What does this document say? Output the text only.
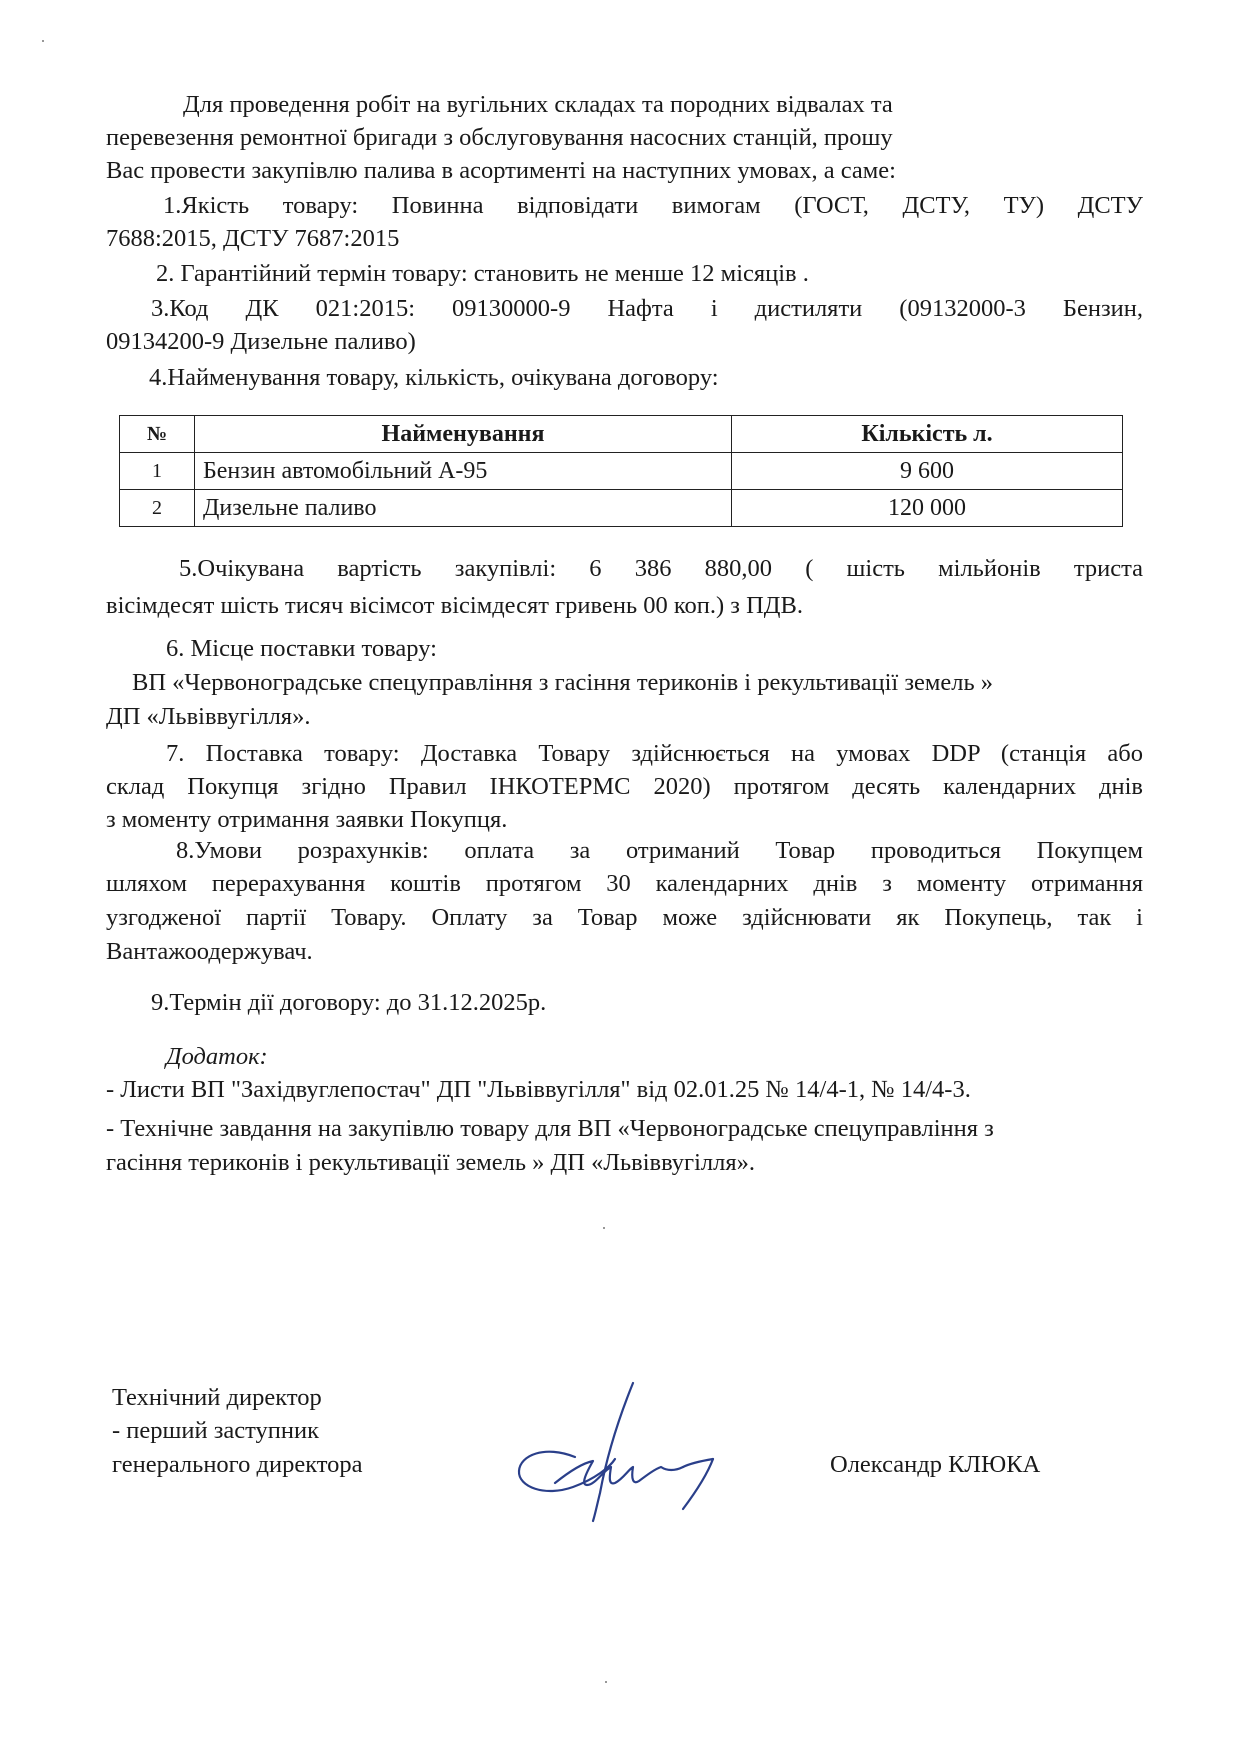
Для проведення робіт на вугільних складах та породних відвалах та
перевезення ремонтної бригади з обслуговування насосних станцій, прошу
Вас провести закупівлю палива в асортименті на наступних умовах, а саме:
1.Якість товару: Повинна відповідати вимогам (ГОСТ, ДСТУ, ТУ) ДСТУ
7688:2015, ДСТУ 7687:2015
2. Гарантійний термін товару: становить не менше 12 місяців .
3.Код ДК 021:2015: 09130000-9 Нафта і дистиляти (09132000-3 Бензин,
09134200-9 Дизельне паливо)
4.Найменування товару, кількість, очікувана договору:
№	Найменування	Кількість л.
1	Бензин автомобільний А-95	9 600
2	Дизельне паливо	120 000
5.Очікувана вартість закупівлі: 6 386 880,00 ( шість мільйонів триста
вісімдесят шість тисяч вісімсот вісімдесят гривень 00 коп.) з ПДВ.
6. Місце поставки товару:
ВП «Червоноградське спецуправління з гасіння териконів і рекультивації земель »
ДП «Львіввугілля».
7. Поставка товару: Доставка Товару здійснюється на умовах DDP (станція або
склад Покупця згідно Правил ІНКОТЕРМС 2020) протягом десять календарних днів
з моменту отримання заявки Покупця.
8.Умови розрахунків: оплата за отриманий Товар проводиться Покупцем
шляхом перерахування коштів протягом 30 календарних днів з моменту отримання
узгодженої партії Товару. Оплату за Товар може здійснювати як Покупець, так і
Вантажоодержувач.
9.Термін дії договору: до 31.12.2025р.
Додаток:
- Листи ВП "Західвуглепостач" ДП "Львіввугілля" від 02.01.25 № 14/4-1, № 14/4-3.
- Технічне завдання на закупівлю товару для ВП «Червоноградське спецуправління з
гасіння териконів і рекультивації земель » ДП «Львіввугілля».
Технічний директор
- перший заступник
генерального директора	Олександр КЛЮКА
